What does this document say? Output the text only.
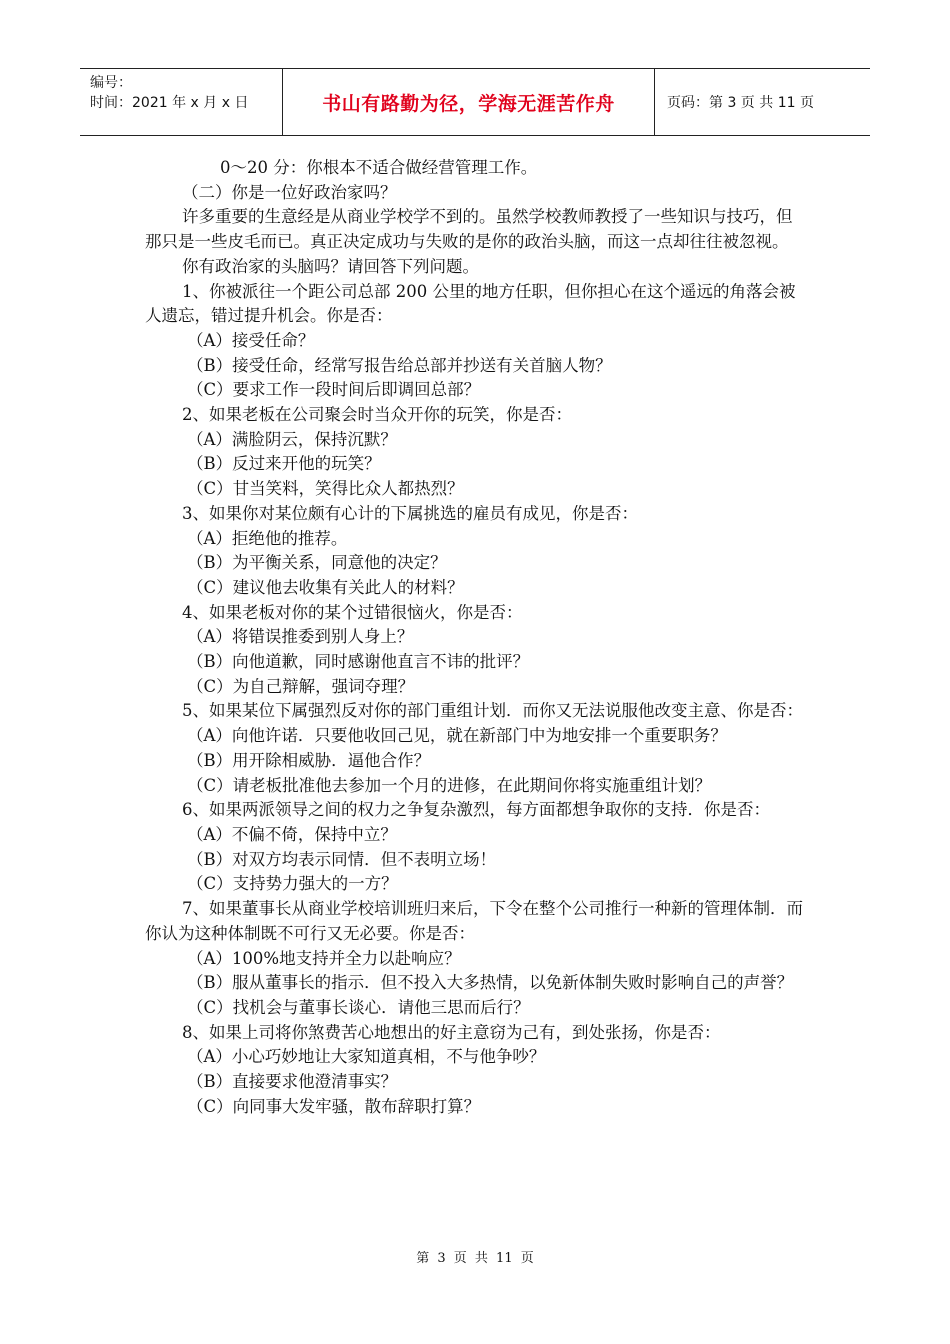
编号：
时间：2021 年 x 月 x 日	书山有路勤为径，学海无涯苦作舟	页码：第 3 页 共 11 页

0～20 分：你根本不适合做经营管理工作。

（二）你是一位好政治家吗？

许多重要的生意经是从商业学校学不到的。虽然学校教师教授了一些知识与技巧，但那只是一些皮毛而已。真正决定成功与失败的是你的政治头脑，而这一点却往往被忽视。

你有政治家的头脑吗？请回答下列问题。

1、你被派往一个距公司总部 200 公里的地方任职，但你担心在这个遥远的角落会被人遗忘，错过提升机会。你是否：

（A）接受任命？

（B）接受任命，经常写报告给总部并抄送有关首脑人物？

（C）要求工作一段时间后即调回总部？

2、如果老板在公司聚会时当众开你的玩笑，你是否：

（A）满脸阴云，保持沉默？

（B）反过来开他的玩笑？

（C）甘当笑料，笑得比众人都热烈？

3、如果你对某位颇有心计的下属挑选的雇员有成见，你是否：

（A）拒绝他的推荐。

（B）为平衡关系，同意他的决定？

（C）建议他去收集有关此人的材料？

4、如果老板对你的某个过错很恼火，你是否：

（A）将错误推委到别人身上？

（B）向他道歉，同时感谢他直言不讳的批评？

（C）为自己辩解，强词夺理？

5、如果某位下属强烈反对你的部门重组计划．而你又无法说服他改变主意、你是否：

（A）向他许诺．只要他收回己见，就在新部门中为地安排一个重要职务？

（B）用开除相威胁．逼他合作？

（C）请老板批准他去参加一个月的进修，在此期间你将实施重组计划？

6、如果两派领导之间的权力之争复杂激烈，每方面都想争取你的支持．你是否：

（A）不偏不倚，保持中立？

（B）对双方均表示同情．但不表明立场！

（C）支持势力强大的一方？

7、如果董事长从商业学校培训班归来后，下令在整个公司推行一种新的管理体制．而你认为这种体制既不可行又无必要。你是否：

（A）100%地支持并全力以赴响应？

（B）服从董事长的指示．但不投入大多热情，以免新体制失败时影响自己的声誉？

（C）找机会与董事长谈心．请他三思而后行？

8、如果上司将你煞费苦心地想出的好主意窃为己有，到处张扬，你是否：

（A）小心巧妙地让大家知道真相，不与他争吵？

（B）直接要求他澄清事实？

（C）向同事大发牢骚，散布辞职打算？

第 3 页 共 11 页
